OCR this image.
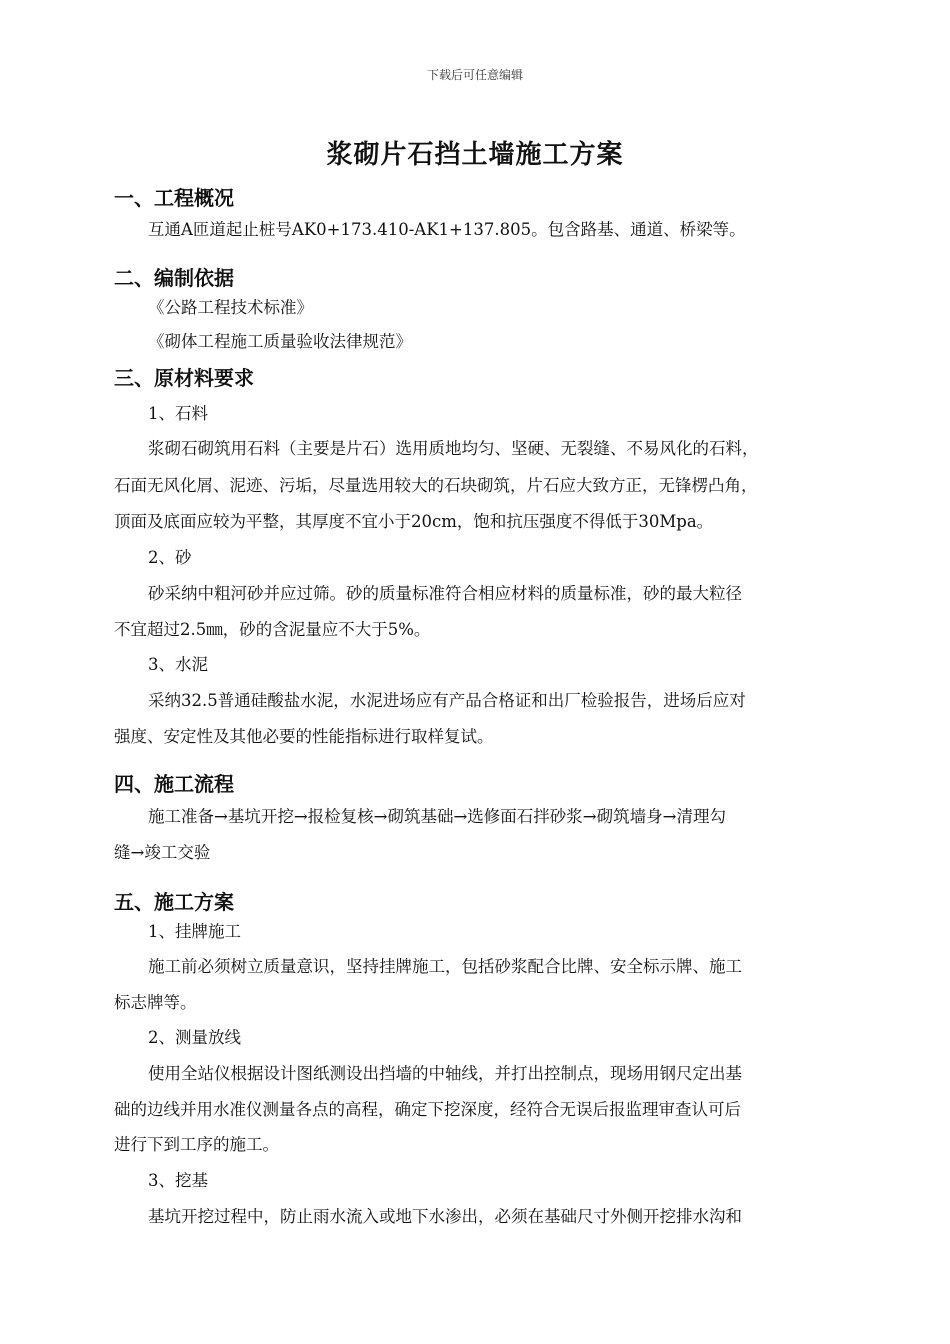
下载后可任意编辑
浆砌片石挡土墙施工方案
一、工程概况
互通A匝道起止桩号AK0+173.410-AK1+137.805。包含路基、通道、桥梁等。
二、编制依据
《公路工程技术标准》
《砌体工程施工质量验收法律规范》
三、原材料要求
1、石料
浆砌石砌筑用石料（主要是片石）选用质地均匀、坚硬、无裂缝、不易风化的石料，
石面无风化屑、泥迹、污垢，尽量选用较大的石块砌筑，片石应大致方正，无锋楞凸角，
顶面及底面应较为平整，其厚度不宜小于20cm，饱和抗压强度不得低于30Mpa。
2、砂
砂采纳中粗河砂并应过筛。砂的质量标准符合相应材料的质量标准，砂的最大粒径
不宜超过2.5㎜，砂的含泥量应不大于5%。
3、水泥
采纳32.5普通硅酸盐水泥，水泥进场应有产品合格证和出厂检验报告，进场后应对
强度、安定性及其他必要的性能指标进行取样复试。
四、施工流程
施工准备→基坑开挖→报检复核→砌筑基础→选修面石拌砂浆→砌筑墙身→清理勾
缝→竣工交验
五、施工方案
1、挂牌施工
施工前必须树立质量意识，坚持挂牌施工，包括砂浆配合比牌、安全标示牌、施工
标志牌等。
2、测量放线
使用全站仪根据设计图纸测设出挡墙的中轴线，并打出控制点，现场用钢尺定出基
础的边线并用水准仪测量各点的高程，确定下挖深度，经符合无误后报监理审查认可后
进行下到工序的施工。
3、挖基
基坑开挖过程中，防止雨水流入或地下水渗出，必须在基础尺寸外侧开挖排水沟和
